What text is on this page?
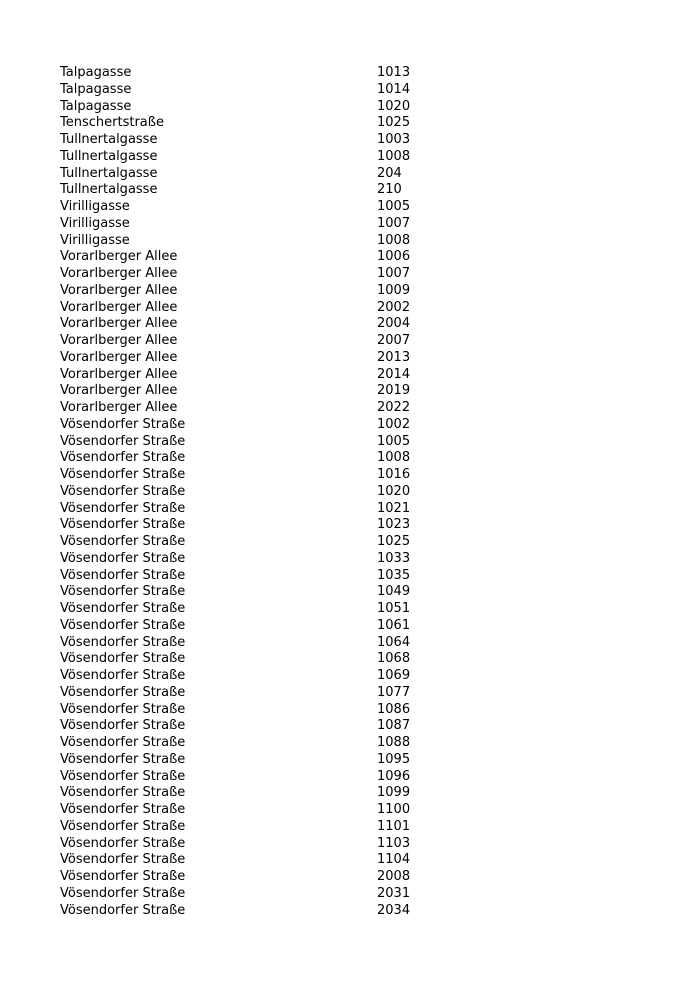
Talpagasse	1013
Talpagasse	1014
Talpagasse	1020
Tenschertstraße	1025
Tullnertalgasse	1003
Tullnertalgasse	1008
Tullnertalgasse	204
Tullnertalgasse	210
Virilligasse	1005
Virilligasse	1007
Virilligasse	1008
Vorarlberger Allee	1006
Vorarlberger Allee	1007
Vorarlberger Allee	1009
Vorarlberger Allee	2002
Vorarlberger Allee	2004
Vorarlberger Allee	2007
Vorarlberger Allee	2013
Vorarlberger Allee	2014
Vorarlberger Allee	2019
Vorarlberger Allee	2022
Vösendorfer Straße	1002
Vösendorfer Straße	1005
Vösendorfer Straße	1008
Vösendorfer Straße	1016
Vösendorfer Straße	1020
Vösendorfer Straße	1021
Vösendorfer Straße	1023
Vösendorfer Straße	1025
Vösendorfer Straße	1033
Vösendorfer Straße	1035
Vösendorfer Straße	1049
Vösendorfer Straße	1051
Vösendorfer Straße	1061
Vösendorfer Straße	1064
Vösendorfer Straße	1068
Vösendorfer Straße	1069
Vösendorfer Straße	1077
Vösendorfer Straße	1086
Vösendorfer Straße	1087
Vösendorfer Straße	1088
Vösendorfer Straße	1095
Vösendorfer Straße	1096
Vösendorfer Straße	1099
Vösendorfer Straße	1100
Vösendorfer Straße	1101
Vösendorfer Straße	1103
Vösendorfer Straße	1104
Vösendorfer Straße	2008
Vösendorfer Straße	2031
Vösendorfer Straße	2034
